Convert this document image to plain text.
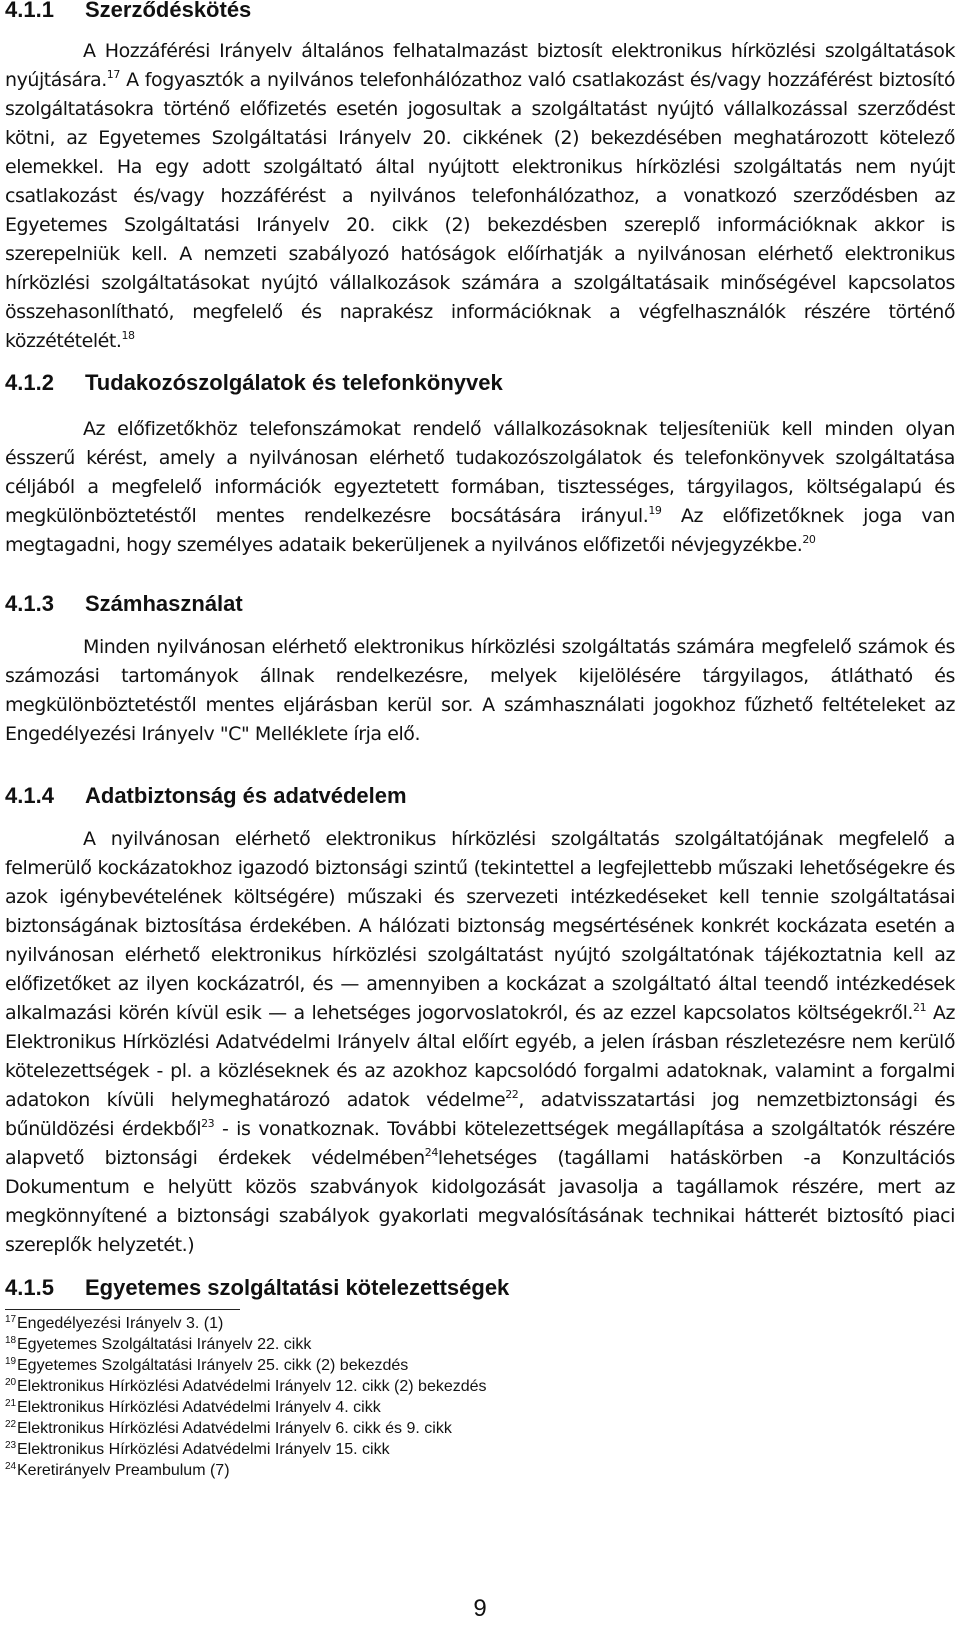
4.1.1 Szerződéskötés

A Hozzáférési Irányelv általános felhatalmazást biztosít elektronikus hírközlési szolgáltatások nyújtására.$^{17}$ A fogyasztók a nyilvános telefonhálózathoz való csatlakozást és/vagy hozzáférést biztosító szolgáltatásokra történő előfizetés esetén jogosultak a szolgáltatást nyújtó vállalkozással szerződést kötni, az Egyetemes Szolgáltatási Irányelv 20. cikkének (2) bekezdésében meghatározott kötelező elemekkel. Ha egy adott szolgáltató által nyújtott elektronikus hírközlési szolgáltatás nem nyújt csatlakozást és/vagy hozzáférést a nyilvános telefonhálózathoz, a vonatkozó szerződésben az Egyetemes Szolgáltatási Irányelv 20. cikk (2) bekezdésben szereplő információknak akkor is szerepelniük kell. A nemzeti szabályozó hatóságok előírhatják a nyilvánosan elérhető elektronikus hírközlési szolgáltatásokat nyújtó vállalkozások számára a szolgáltatásaik minőségével kapcsolatos összehasonlítható, megfelelő és naprakész információknak a végfelhasználók részére történő közzétételét.$^{18}$

4.1.2 Tudakozószolgálatok és telefonkönyvek

Az előfizetőkhöz telefonszámokat rendelő vállalkozásoknak teljesíteniük kell minden olyan ésszerű kérést, amely a nyilvánosan elérhető tudakozószolgálatok és telefonkönyvek szolgáltatása céljából a megfelelő információk egyeztetett formában, tisztességes, tárgyilagos, költségalapú és megkülönböztetéstől mentes rendelkezésre bocsátására irányul.$^{19}$ Az előfizetőknek joga van megtagadni, hogy személyes adataik bekerüljenek a nyilvános előfizetői névjegyzékbe.$^{20}$

4.1.3 Számhasználat

Minden nyilvánosan elérhető elektronikus hírközlési szolgáltatás számára megfelelő számok és számozási tartományok állnak rendelkezésre, melyek kijelölésére tárgyilagos, átlátható és megkülönböztetéstől mentes eljárásban kerül sor. A számhasználati jogokhoz fűzhető feltételeket az Engedélyezési Irányelv "C" Melléklete írja elő.

4.1.4 Adatbiztonság és adatvédelem

A nyilvánosan elérhető elektronikus hírközlési szolgáltatás szolgáltatójának megfelelő a felmerülő kockázatokhoz igazodó biztonsági szintű (tekintettel a legfejlettebb műszaki lehetőségekre és azok igénybevételének költségére) műszaki és szervezeti intézkedéseket kell tennie szolgáltatásai biztonságának biztosítása érdekében. A hálózati biztonság megsértésének konkrét kockázata esetén a nyilvánosan elérhető elektronikus hírközlési szolgáltatást nyújtó szolgáltatónak tájékoztatnia kell az előfizetőket az ilyen kockázatról, és — amennyiben a kockázat a szolgáltató által teendő intézkedések alkalmazási körén kívül esik — a lehetséges jogorvoslatokról, és az ezzel kapcsolatos költségekről.$^{21}$ Az Elektronikus Hírközlési Adatvédelmi Irányelv által előírt egyéb, a jelen írásban részletezésre nem kerülő kötelezettségek - pl. a közléseknek és az azokhoz kapcsolódó forgalmi adatoknak, valamint a forgalmi adatokon kívüli helymeghatározó adatok védelme$^{22}$, adatvisszatartási jog nemzetbiztonsági és bűnüldözési érdekből$^{23}$ - is vonatkoznak. További kötelezettségek megállapítása a szolgáltatók részére alapvető biztonsági érdekek védelmében$^{24}$lehetséges (tagállami hatáskörben -a Konzultációs Dokumentum e helyütt közös szabványok kidolgozását javasolja a tagállamok részére, mert az megkönnyítené a biztonsági szabályok gyakorlati megvalósításának technikai hátterét biztosító piaci szereplők helyzetét.)

4.1.5 Egyetemes szolgáltatási kötelezettségek

17Engedélyezési Irányelv 3. (1)

18Egyetemes Szolgáltatási Irányelv 22. cikk

19Egyetemes Szolgáltatási Irányelv 25. cikk (2) bekezdés

20Elektronikus Hírközlési Adatvédelmi Irányelv 12. cikk (2) bekezdés

21Elektronikus Hírközlési Adatvédelmi Irányelv 4. cikk

22Elektronikus Hírközlési Adatvédelmi Irányelv 6. cikk és 9. cikk

23Elektronikus Hírközlési Adatvédelmi Irányelv 15. cikk

24Keretirányelv Preambulum (7)

9
